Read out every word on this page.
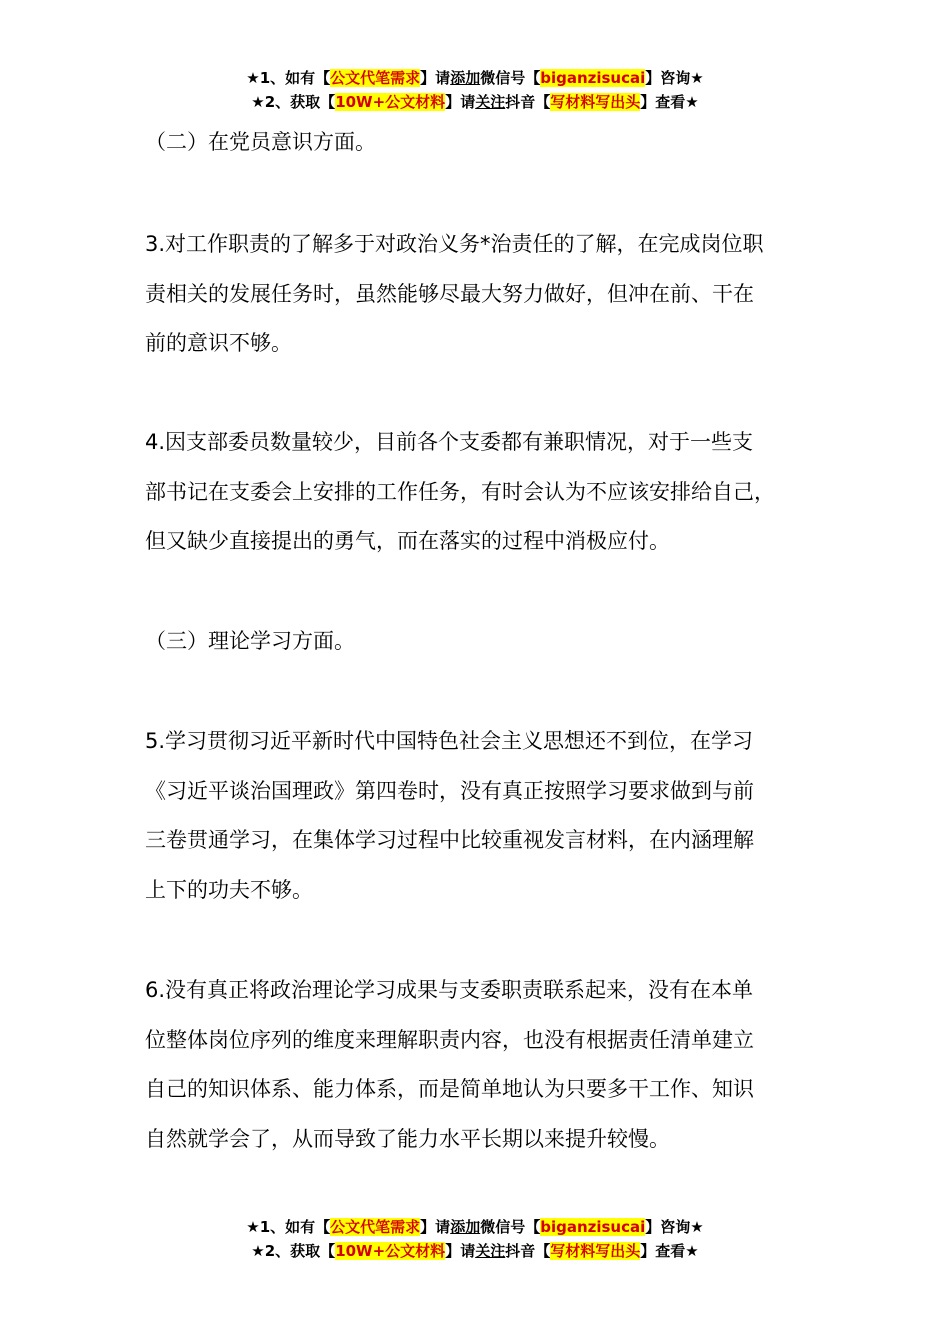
★1、如有【公文代笔需求】请添加微信号【biganzisucai】咨询★
★2、获取【10W+公文材料】请关注抖音【写材料写出头】查看★

（二）在党员意识方面。

3.对工作职责的了解多于对政治义务*治责任的了解，在完成岗位职

责相关的发展任务时，虽然能够尽最大努力做好，但冲在前、干在

前的意识不够。

4.因支部委员数量较少，目前各个支委都有兼职情况，对于一些支

部书记在支委会上安排的工作任务，有时会认为不应该安排给自己，

但又缺少直接提出的勇气，而在落实的过程中消极应付。

（三）理论学习方面。

5.学习贯彻习近平新时代中国特色社会主义思想还不到位，在学习

《习近平谈治国理政》第四卷时，没有真正按照学习要求做到与前

三卷贯通学习，在集体学习过程中比较重视发言材料，在内涵理解

上下的功夫不够。

6.没有真正将政治理论学习成果与支委职责联系起来，没有在本单

位整体岗位序列的维度来理解职责内容，也没有根据责任清单建立

自己的知识体系、能力体系，而是简单地认为只要多干工作、知识

自然就学会了，从而导致了能力水平长期以来提升较慢。

★1、如有【公文代笔需求】请添加微信号【biganzisucai】咨询★
★2、获取【10W+公文材料】请关注抖音【写材料写出头】查看★
